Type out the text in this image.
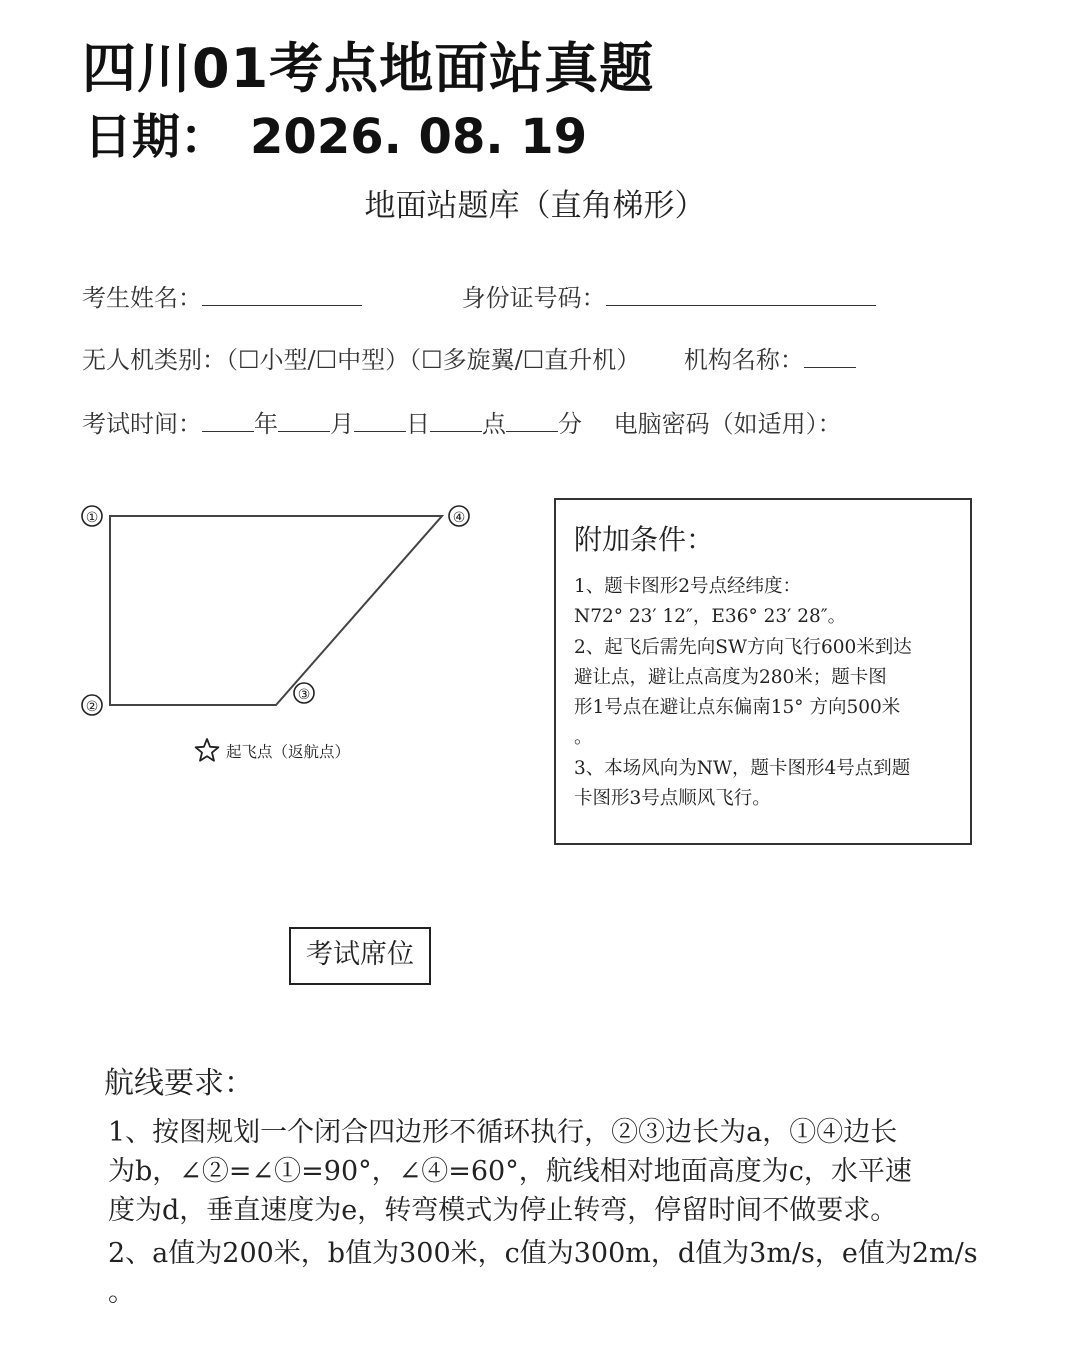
四川01考点地面站真题
日期： 2026. 08. 19
地面站题库（直角梯形）
考生姓名：	身份证号码：
无人机类别：（☐小型/☐中型）（☐多旋翼/☐直升机） 机构名称：
考试时间： 年 月 日 点 分 电脑密码（如适用）：
①
②
③
④
起飞点（返航点）
附加条件：
1、题卡图形2号点经纬度：
N72° 23′ 12″，E36° 23′ 28″。
2、起飞后需先向SW方向飞行600米到达
避让点，避让点高度为280米；题卡图
形1号点在避让点东偏南15° 方向500米
。
3、本场风向为NW，题卡图形4号点到题
卡图形3号点顺风飞行。
考试席位
航线要求：
1、按图规划一个闭合四边形不循环执行，②③边长为a，①④边长
为b，∠②=∠①=90°，∠④=60°，航线相对地面高度为c，水平速
度为d，垂直速度为e，转弯模式为停止转弯，停留时间不做要求。
2、a值为200米，b值为300米，c值为300m，d值为3m/s，e值为2m/s
。
